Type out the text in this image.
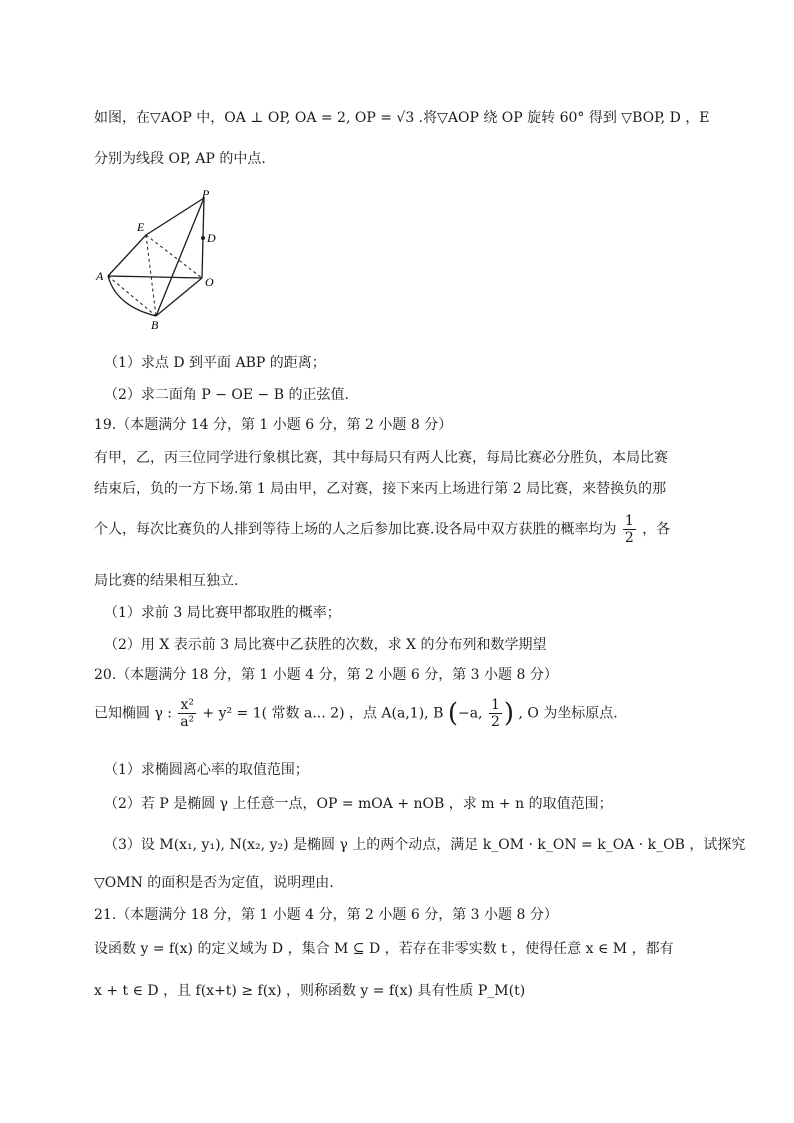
如图，在▽AOP 中，OA ⊥ OP, OA = 2, OP = √3 .将▽AOP 绕 OP 旋转 60° 得到 ▽BOP, D ，E
分别为线段 OP, AP 的中点.
P
E
D
A	O
B
（1）求点 D 到平面 ABP 的距离；
（2）求二面角 P − OE − B 的正弦值.
19.（本题满分 14 分，第 1 小题 6 分，第 2 小题 8 分）
有甲，乙，丙三位同学进行象棋比赛，其中每局只有两人比赛，每局比赛必分胜负，本局比赛
结束后，负的一方下场.第 1 局由甲，乙对赛，接下来丙上场进行第 2 局比赛，来替换负的那
个人，每次比赛负的人排到等待上场的人之后参加比赛.设各局中双方获胜的概率均为 $\frac{1}{2}$ ，各
局比赛的结果相互独立.
（1）求前 3 局比赛甲都取胜的概率；
（2）用 X 表示前 3 局比赛中乙获胜的次数，求 X 的分布列和数学期望
20.（本题满分 18 分，第 1 小题 4 分，第 2 小题 6 分，第 3 小题 8 分）
已知椭圆 γ : $\frac{\text{x²}}{\text{a²}} + y^2 = 1$( 常数 a... 2) ，点 A(a,1), B (−a, $\frac{1}{2}$ ) , O 为坐标原点.
（1）求椭圆离心率的取值范围；
（2）若 P 是椭圆 γ 上任意一点，OP = mOA + nOB ，求 m + n 的取值范围；
（3）设 M(x₁, y₁), N(x₂, y₂) 是椭圆 γ 上的两个动点，满足 k_OM · k_ON = k_OA · k_OB ，试探究
▽OMN 的面积是否为定值，说明理由.
21.（本题满分 18 分，第 1 小题 4 分，第 2 小题 6 分，第 3 小题 8 分）
设函数 y = f(x) 的定义域为 D ，集合 M ⊆ D ，若存在非零实数 t ，使得任意 x ∈ M ，都有
x + t ∈ D ，且 f(x+t) ≥ f(x) ，则称函数 y = f(x) 具有性质 P_M(t)
